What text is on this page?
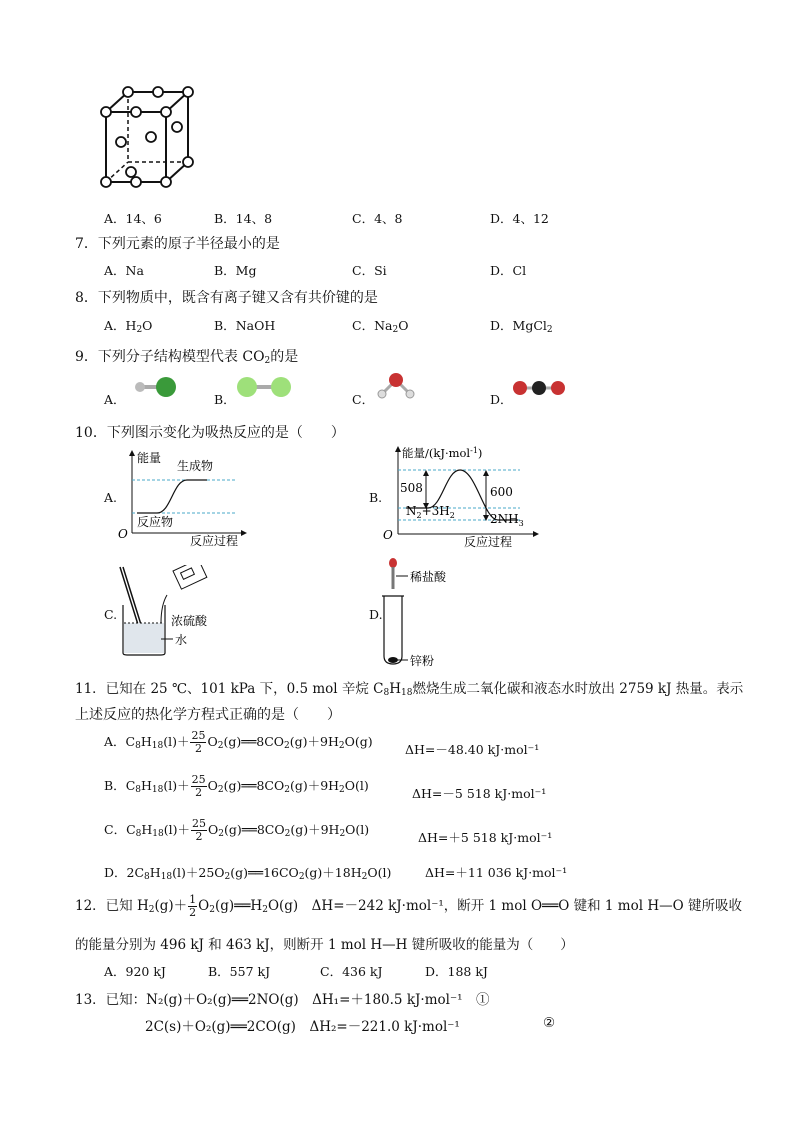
A．14、6	B．14、8	C．4、8	D．4、12
7．下列元素的原子半径最小的是
A．Na	B．Mg	C．Si	D．Cl
8．下列物质中，既含有离子键又含有共价键的是
A．$H_2O$	B．NaOH	C．$Na_2O$	D．MgCl$_2$
9．下列分子结构模型代表 $CO_2$的是
A．	B．	C．	D．
10．下列图示变化为吸热反应的是（　　）
A.
能量
生成物
反应物
O	反应过程
B.
能量/(kJ·mol$^{-1}$)
508	600
$N_2+3H_2$	$2NH_3$
O	反应过程
C.	浓硫酸
水
D.
稀盐酸
锌粉
11．已知在 25 ℃、101 kPa 下，0.5 mol 辛烷 $C_8H_{18}$燃烧生成二氧化碳和液态水时放出 2759 kJ 热量。表示
上述反应的热化学方程式正确的是（　　）
A．$C_8H_{18}(l)+ \frac{25}{2}$ $O_2(g)══8CO_2(g)+9H_2O(g)$
ΔH=－48.40 kJ·mol⁻¹
B．$C_8H_{18}(l)+ \frac{25}{2}$ $O_2(g)══8CO_2(g)+9H_2O(l)$
ΔH=－5 518 kJ·mol⁻¹
C．$C_8H_{18}(l)+ \frac{25}{2}$ $O_2(g)══8CO_2(g)+9H_2O(l)$
ΔH=＋5 518 kJ·mol⁻¹
D．$2C_8H_{18}(l)+25O_2(g)══16CO_2(g)+18H_2O(l)$	ΔH=＋11 036 kJ·mol⁻¹
12．已知 $H_2(g)+ \frac{1}{2}$ $O_2(g)══H_2O(g)$　ΔH=－242 kJ·mol⁻¹，断开 1 mol O══O 键和 1 mol H—O 键所吸收
的能量分别为 496 kJ 和 463 kJ，则断开 1 mol H—H 键所吸收的能量为（　　）
A．920 kJ	B．557 kJ	C．436 kJ	D．188 kJ
13．已知：N₂(g)＋O₂(g)══2NO(g)　ΔH₁=＋180.5 kJ·mol⁻¹　①
2C(s)＋O₂(g)══2CO(g)　ΔH₂=－221.0 kJ·mol⁻¹	②
